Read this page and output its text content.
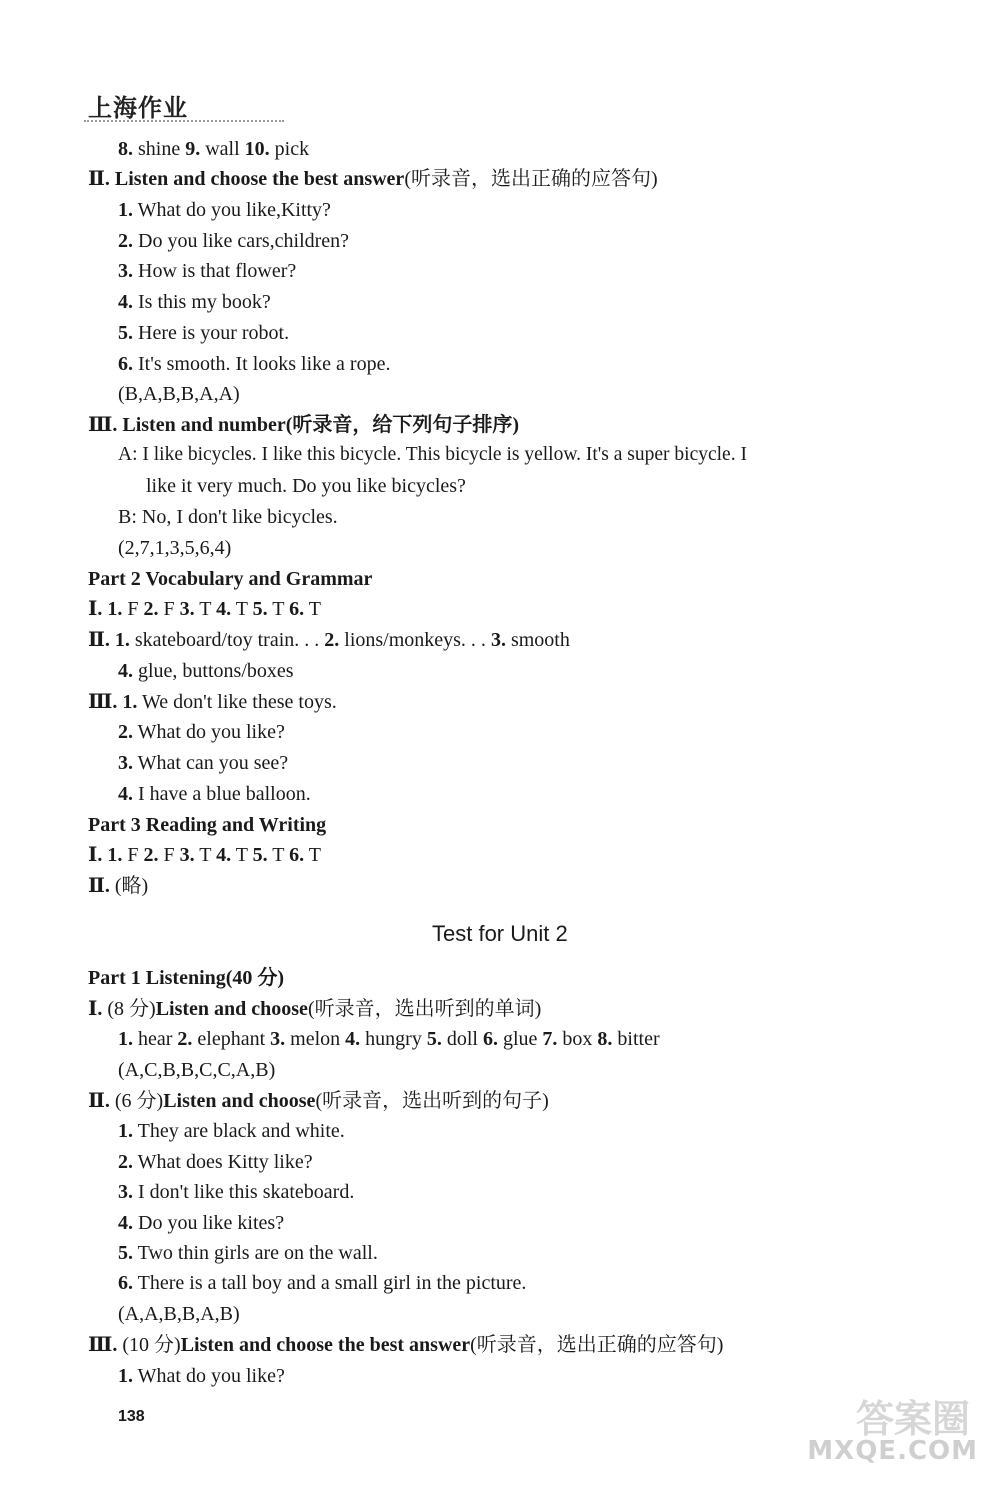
上海作业
8. shine 9. wall 10. pick
Ⅱ. Listen and choose the best answer(听录音，选出正确的应答句)
1. What do you like,Kitty?
2. Do you like cars,children?
3. How is that flower?
4. Is this my book?
5. Here is your robot.
6. It's smooth. It looks like a rope.
(B,A,B,B,A,A)
Ⅲ. Listen and number(听录音，给下列句子排序)
A: I like bicycles. I like this bicycle. This bicycle is yellow. It's a super bicycle. I
like it very much. Do you like bicycles?
B: No, I don't like bicycles.
(2,7,1,3,5,6,4)
Part 2 Vocabulary and Grammar
Ⅰ. 1. F 2. F 3. T 4. T 5. T 6. T
Ⅱ. 1. skateboard/toy train. . . 2. lions/monkeys. . . 3. smooth
4. glue, buttons/boxes
Ⅲ. 1. We don't like these toys.
2. What do you like?
3. What can you see?
4. I have a blue balloon.
Part 3 Reading and Writing
Ⅰ. 1. F 2. F 3. T 4. T 5. T 6. T
Ⅱ. (略)
Test for Unit 2
Part 1 Listening(40 分)
Ⅰ. (8 分)Listen and choose(听录音，选出听到的单词)
1. hear 2. elephant 3. melon 4. hungry 5. doll 6. glue 7. box 8. bitter
(A,C,B,B,C,C,A,B)
Ⅱ. (6 分)Listen and choose(听录音，选出听到的句子)
1. They are black and white.
2. What does Kitty like?
3. I don't like this skateboard.
4. Do you like kites?
5. Two thin girls are on the wall.
6. There is a tall boy and a small girl in the picture.
(A,A,B,B,A,B)
Ⅲ. (10 分)Listen and choose the best answer(听录音，选出正确的应答句)
1. What do you like?
138	答案圈
MXQE.COM
